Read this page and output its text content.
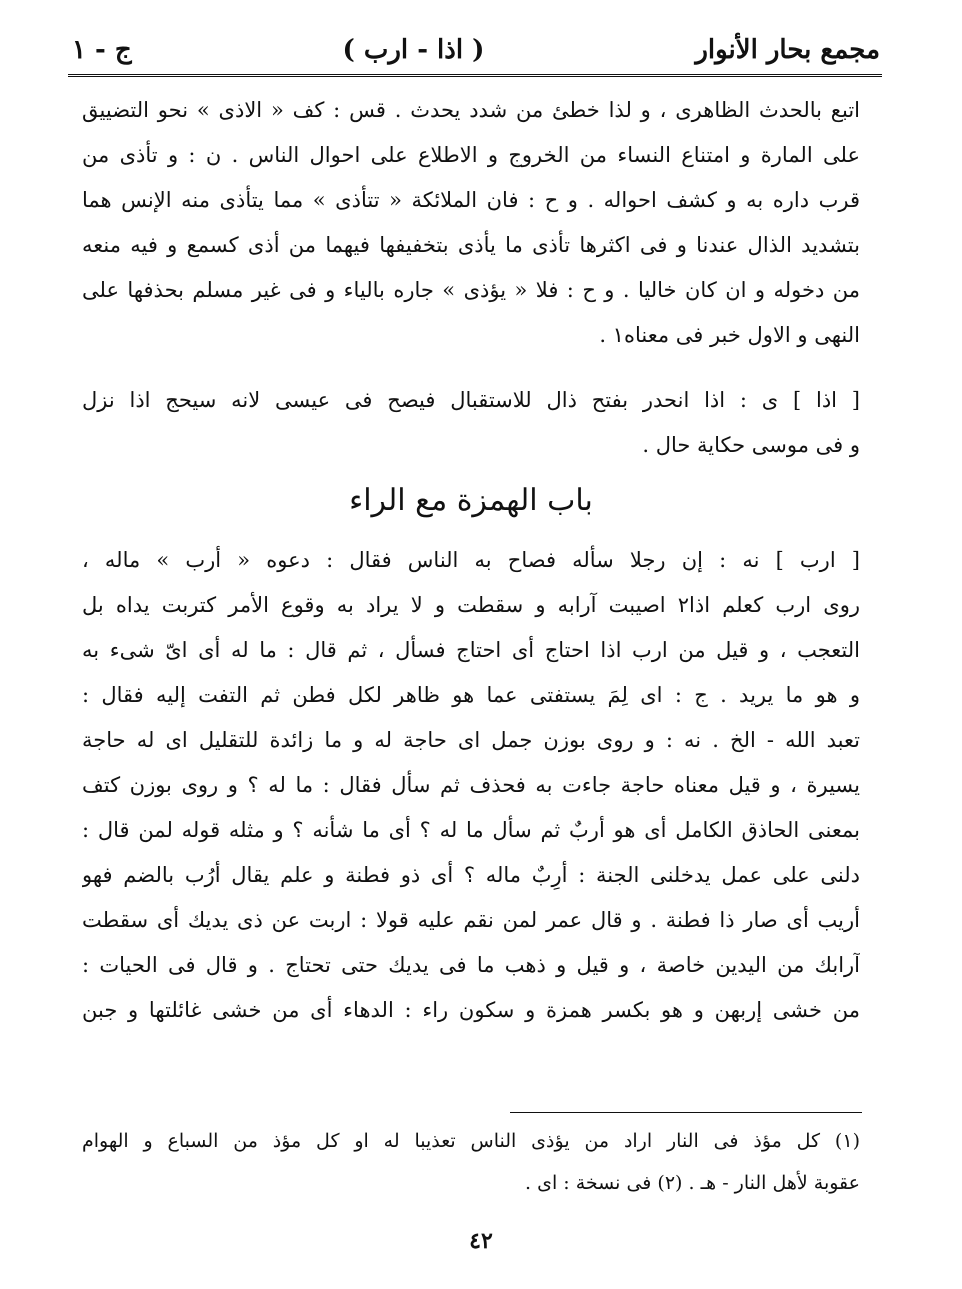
مجمع بحار الأنوار
( اذا - ارب )
ج - ١
اتبع بالحدث الظاهرى ، و لذا خطئ من شدد يحدث . قس : كف « الاذى » نحو التضييق
على المارة و امتناع النساء من الخروج و الاطلاع على احوال الناس . ن : و تأذى من
قرب داره به و كشف احواله . و ح : فان الملائكة « تتأذى » مما يتأذى منه الإنس هما
بتشديد الذال عندنا و فى اكثرها تأذى ما يأذى بتخفيفها فيهما من أذى كسمع و فيه منعه
من دخوله و ان كان خاليا . و ح : فلا « يؤذى » جاره بالياء و فى غير مسلم بحذفها على
النهى و الاول خبر فى معناه١ .
[ اذا ] ى : اذا انحدر بفتح ذال للاستقبال فيصح فى عيسى لانه سيحج اذا نزل
و فى موسى حكاية حال .
باب الهمزة مع الراء
[ ارب ] نه : إن رجلا سأله فصاح به الناس فقال : دعوه « أرب » ماله ،
روى ارب كعلم اذا٢ اصيبت آرابه و سقطت و لا يراد به وقوع الأمر كتربت يداه بل
التعجب ، و قيل من ارب اذا احتاج أى احتاج فسأل ، ثم قال : ما له أى اىّ شىء به
و هو ما يريد . ج : اى لِمَ يستفتى عما هو ظاهر لكل فطن ثم التفت إليه فقال :
تعبد الله - الخ . نه : و روى بوزن جمل اى حاجة له و ما زائدة للتقليل اى له حاجة
يسيرة ، و قيل معناه حاجة جاءت به فحذف ثم سأل فقال : ما له ؟ و روى بوزن كتف
بمعنى الحاذق الكامل أى هو أربٌ ثم سأل ما له ؟ أى ما شأنه ؟ و مثله قوله لمن قال :
دلنى على عمل يدخلنى الجنة : أرِبٌ ماله ؟ أى ذو فطنة و علم يقال أرُب بالضم فهو
أريب أى صار ذا فطنة . و قال عمر لمن نقم عليه قولا : اربت عن ذى يديك أى سقطت
آرابك من اليدين خاصة ، و قيل و ذهب ما فى يديك حتى تحتاج . و قال فى الحيات :
من خشى إربهن و هو بكسر همزة و سكون راء : الدهاء أى من خشى غائلتها و جبن
(١) كل مؤذ فى النار اراد من يؤذى الناس تعذيبا له او كل مؤذ من السباع و الهوام
عقوبة لأهل النار - هـ . (٢) فى نسخة : اى .
٤٢
